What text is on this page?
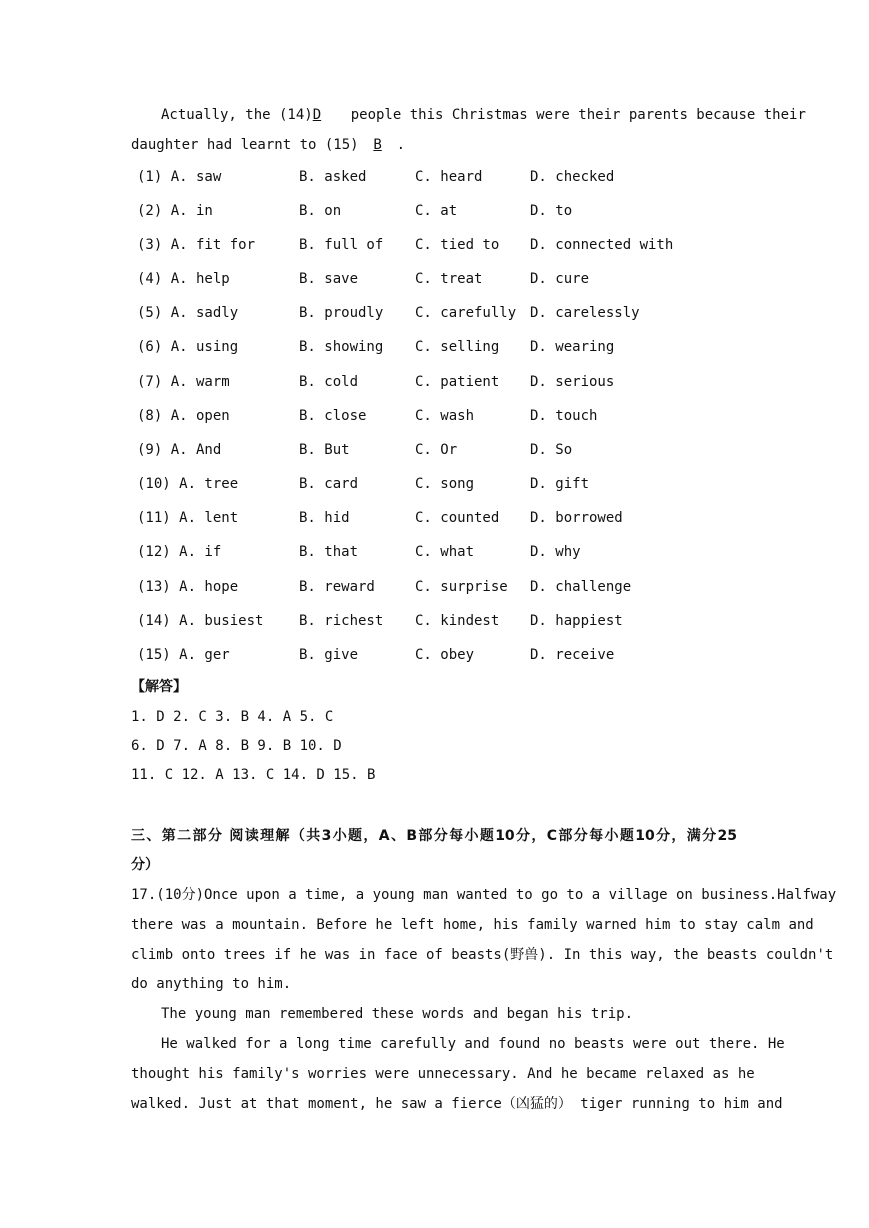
Actually, the (14)D people this Christmas were their parents because their
daughter had learnt to (15) B .
(1) A. saw	B. asked	C. heard	D. checked
(2) A. in	B. on	C. at	D. to
(3) A. fit for	B. full of C. tied to D. connected with
(4) A. help	B. save	C. treat	D. cure
(5) A. sadly	B. proudly C. carefully D. carelessly
(6) A. using	B. showing C. selling D. wearing
(7) A. warm	B. cold	C. patient D. serious
(8) A. open	B. close	C. wash	D. touch
(9) A. And	B. But	C. Or	D. So
(10) A. tree	B. card	C. song	D. gift
(11) A. lent	B. hid	C. counted D. borrowed
(12) A. if	B. that	C. what	D. why
(13) A. hope	B. reward	C. surprise D. challenge
(14) A. busiest	B. richest C. kindest D. happiest
(15) A. ger	B. give	C. obey	D. receive
【解答】
1. D 2. C 3. B 4. A 5. C
6. D 7. A 8. B 9. B 10. D
11. C 12. A 13. C 14. D 15. B
三、第二部分 阅读理解（共3小题，A、B部分每小题10分，C部分每小题10分，满分25
分）
17.(10分)Once upon a time, a young man wanted to go to a village on business.Halfway
there was a mountain. Before he left home, his family warned him to stay calm and
climb onto trees if he was in face of beasts(野兽). In this way, the beasts couldn't
do anything to him.
The young man remembered these words and began his trip.
He walked for a long time carefully and found no beasts were out there. He
thought his family's worries were unnecessary. And he became relaxed as he
walked. Just at that moment, he saw a fierce（凶猛的） tiger running to him and
